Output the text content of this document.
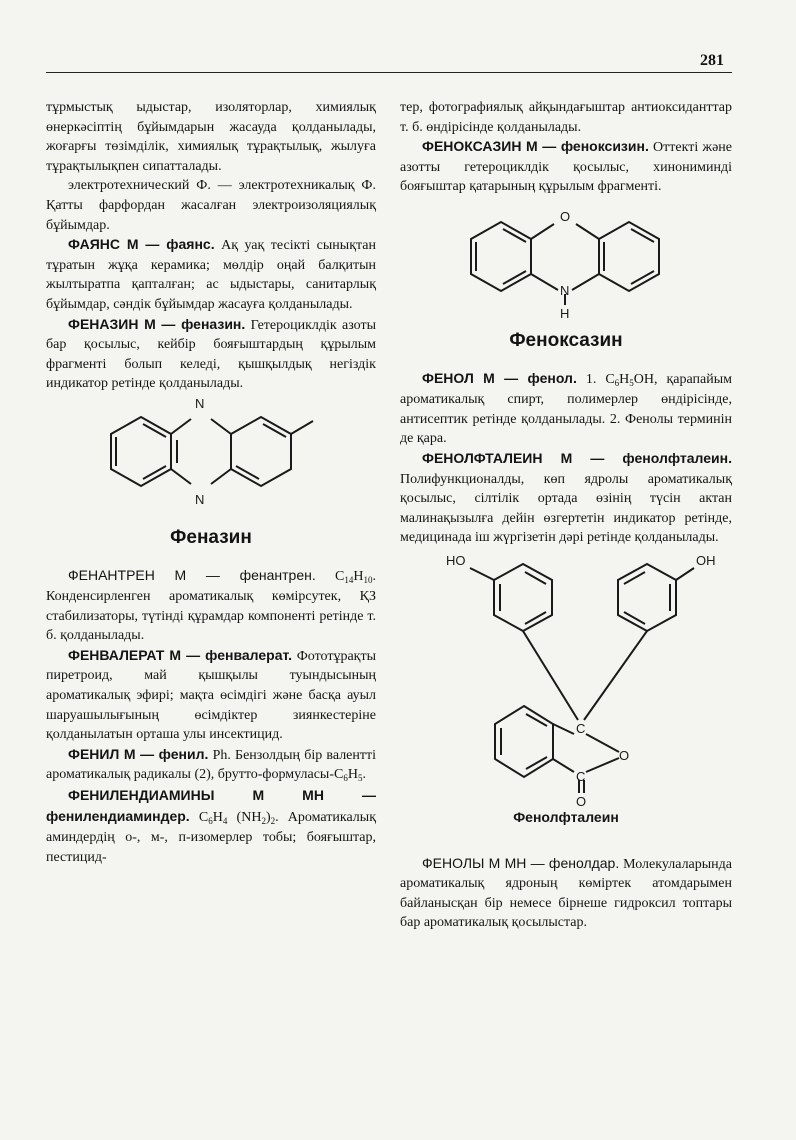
281

тұрмыстық ыдыстар, изоляторлар, химиялық өнеркәсіптің бұйымдарын жасауда қолданылады, жоғарғы төзімділік, химиялық тұрақтылық, жылуға тұрақтылықпен сипатталады.

электротехнический Ф. — электротехникалық Ф. Қатты фарфордан жасалған электроизоляциялық бұйымдар.

ФАЯНС М — фаянс. Ақ уақ тесікті сынықтан тұратын жұқа керамика; мөлдір оңай балқитын жылтыратпа қапталған; ас ыдыстары, санитарлық бұйымдар, сәндік бұйымдар жасауға қолданылады.

ФЕНАЗИН М — феназин. Гетероциклдік азоты бар қосылыс, кейбір бояғыштардың құрылым фрагменті болып келеді, қышқылдық негіздік индикатор ретінде қолданылады.

N
N
Феназин

ФЕНАНТРЕН М — фенантрен. $C_{14}H_{10}$. Конденсирленген ароматикалық көмірсутек, ҚЗ стабилизаторы, түтінді құрамдар компоненті ретінде т. б. қолданылады.

ФЕНВАЛЕРАТ М — фенвалерат. Фототұрақты пиретроид, май қышқылы туындысының ароматикалық эфирі; мақта өсімдігі және басқа ауыл шаруашылығының өсімдіктер зиянкестеріне қолданылатын орташа улы инсектицид.

ФЕНИЛ М — фенил. Ph. Бензолдың бір валентті ароматикалық радикалы (2), брутто-$формуласы-C_6H_5$.

ФЕНИЛЕНДИАМИНЫ М МН — фенилендиаминдер. $C_6H_4$ $(NH_2)_2$. Ароматикалық аминдердің о-, м-, п-изомерлер тобы; бояғыштар, пестицид-

тер, фотографиялық айқындағыштар антиоксиданттар т. б. өндірісінде қолданылады.

ФЕНОКСАЗИН М — феноксизин. Оттекті және азотты гетероциклдік қосылыс, хинониминді бояғыштар қатарының құрылым фрагменті.

O
N
H
Феноксазин

ФЕНОЛ М — фенол. 1. $C_6H_5OH$, қарапайым ароматикалық спирт, полимерлер өндірісінде, антисептик ретінде қолданылады. 2. Фенолы терминін де қара.

ФЕНОЛФТАЛЕИН М — фенолфталеин. Полифункционалды, көп ядролы ароматикалық қосылыс, сілтілік ортада өзінің түсін актан малинақызылға дейін өзгертетін индикатор ретінде, медицинада іш жүргізетін дәрі ретінде қолданылады.

HO	OH
C
O
C
O
Фенолфталеин

ФЕНОЛЫ М МН — фенолдар. Молекулаларында ароматикалық ядроның көміртек атомдарымен байланысқан бір немесе бірнеше гидроксил топтары бар ароматикалық қосылыстар.
